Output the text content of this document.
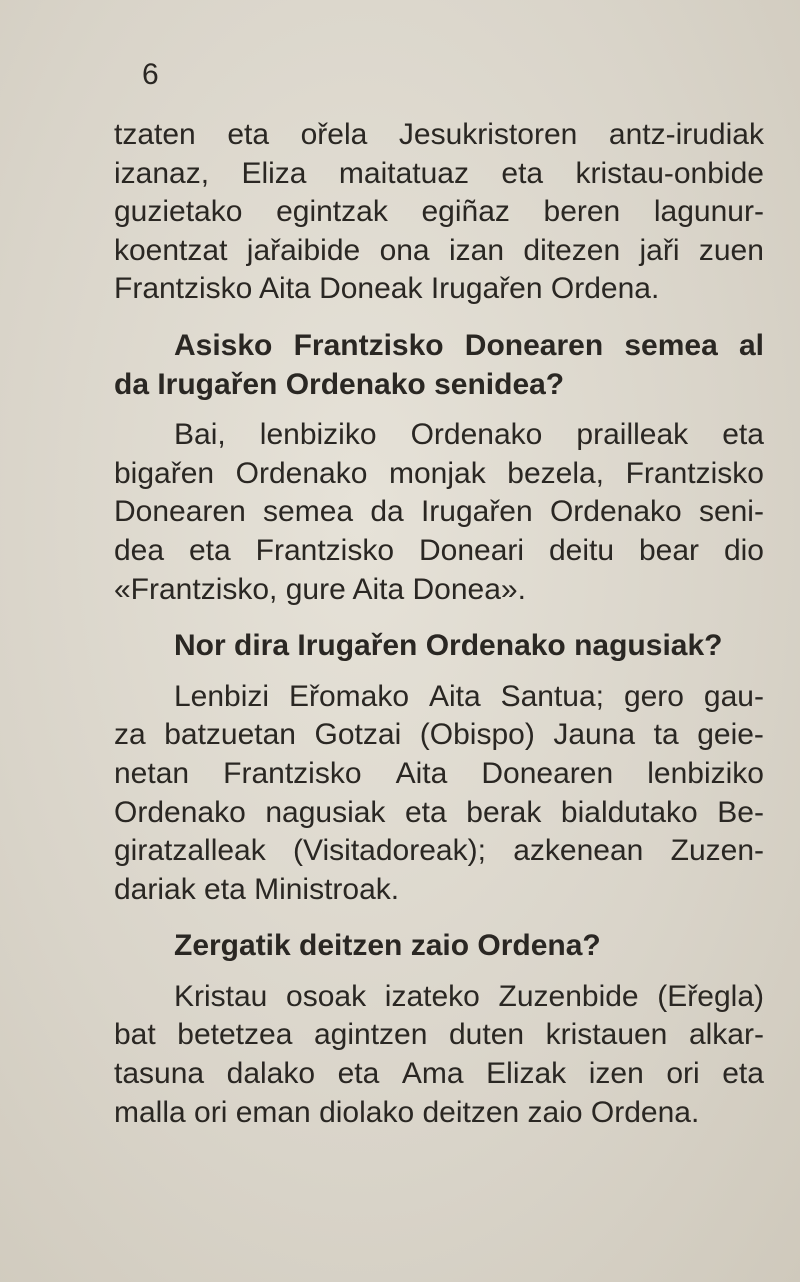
6
tzaten eta ořela Jesukristoren antz-irudiak
izanaz, Eliza maitatuaz eta kristau-onbide
guzietako egintzak egiñaz beren lagunur-
koentzat jařaibide ona izan ditezen jaři zuen
Frantzisko Aita Doneak Irugařen Ordena.
Asisko Frantzisko Donearen semea al
da Irugařen Ordenako senidea?
Bai, lenbiziko Ordenako prailleak eta
bigařen Ordenako monjak bezela, Frantzisko
Donearen semea da Irugařen Ordenako seni-
dea eta Frantzisko Doneari deitu bear dio
«Frantzisko, gure Aita Donea».
Nor dira Irugařen Ordenako nagusiak?
Lenbizi Eřomako Aita Santua; gero gau-
za batzuetan Gotzai (Obispo) Jauna ta geie-
netan Frantzisko Aita Donearen lenbiziko
Ordenako nagusiak eta berak bialdutako Be-
giratzalleak (Visitadoreak); azkenean Zuzen-
dariak eta Ministroak.
Zergatik deitzen zaio Ordena?
Kristau osoak izateko Zuzenbide (Eřegla)
bat betetzea agintzen duten kristauen alkar-
tasuna dalako eta Ama Elizak izen ori eta
malla ori eman diolako deitzen zaio Ordena.
